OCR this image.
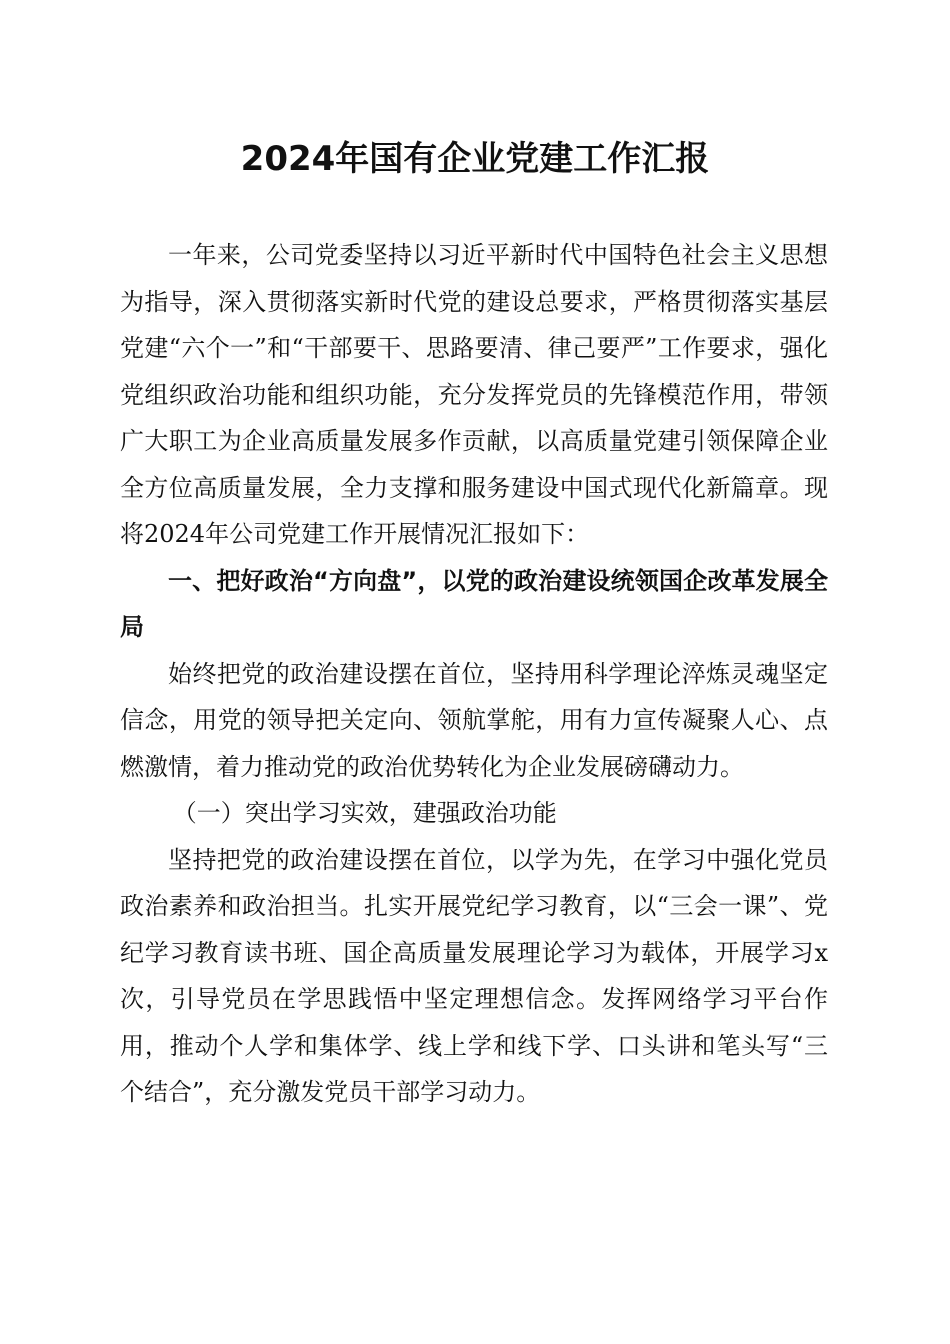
2024年国有企业党建工作汇报

一年来，公司党委坚持以习近平新时代中国特色社会主义思想为指导，深入贯彻落实新时代党的建设总要求，严格贯彻落实基层党建“六个一”和“干部要干、思路要清、律己要严”工作要求，强化党组织政治功能和组织功能，充分发挥党员的先锋模范作用，带领广大职工为企业高质量发展多作贡献，以高质量党建引领保障企业全方位高质量发展，全力支撑和服务建设中国式现代化新篇章。现将2024年公司党建工作开展情况汇报如下：

一、把好政治“方向盘”，以党的政治建设统领国企改革发展全局

始终把党的政治建设摆在首位，坚持用科学理论淬炼灵魂坚定信念，用党的领导把关定向、领航掌舵，用有力宣传凝聚人心、点燃激情，着力推动党的政治优势转化为企业发展磅礴动力。

（一）突出学习实效，建强政治功能

坚持把党的政治建设摆在首位，以学为先，在学习中强化党员政治素养和政治担当。扎实开展党纪学习教育，以“三会一课”、党纪学习教育读书班、国企高质量发展理论学习为载体，开展学习x次，引导党员在学思践悟中坚定理想信念。发挥网络学习平台作用，推动个人学和集体学、线上学和线下学、口头讲和笔头写“三个结合”，充分激发党员干部学习动力。
